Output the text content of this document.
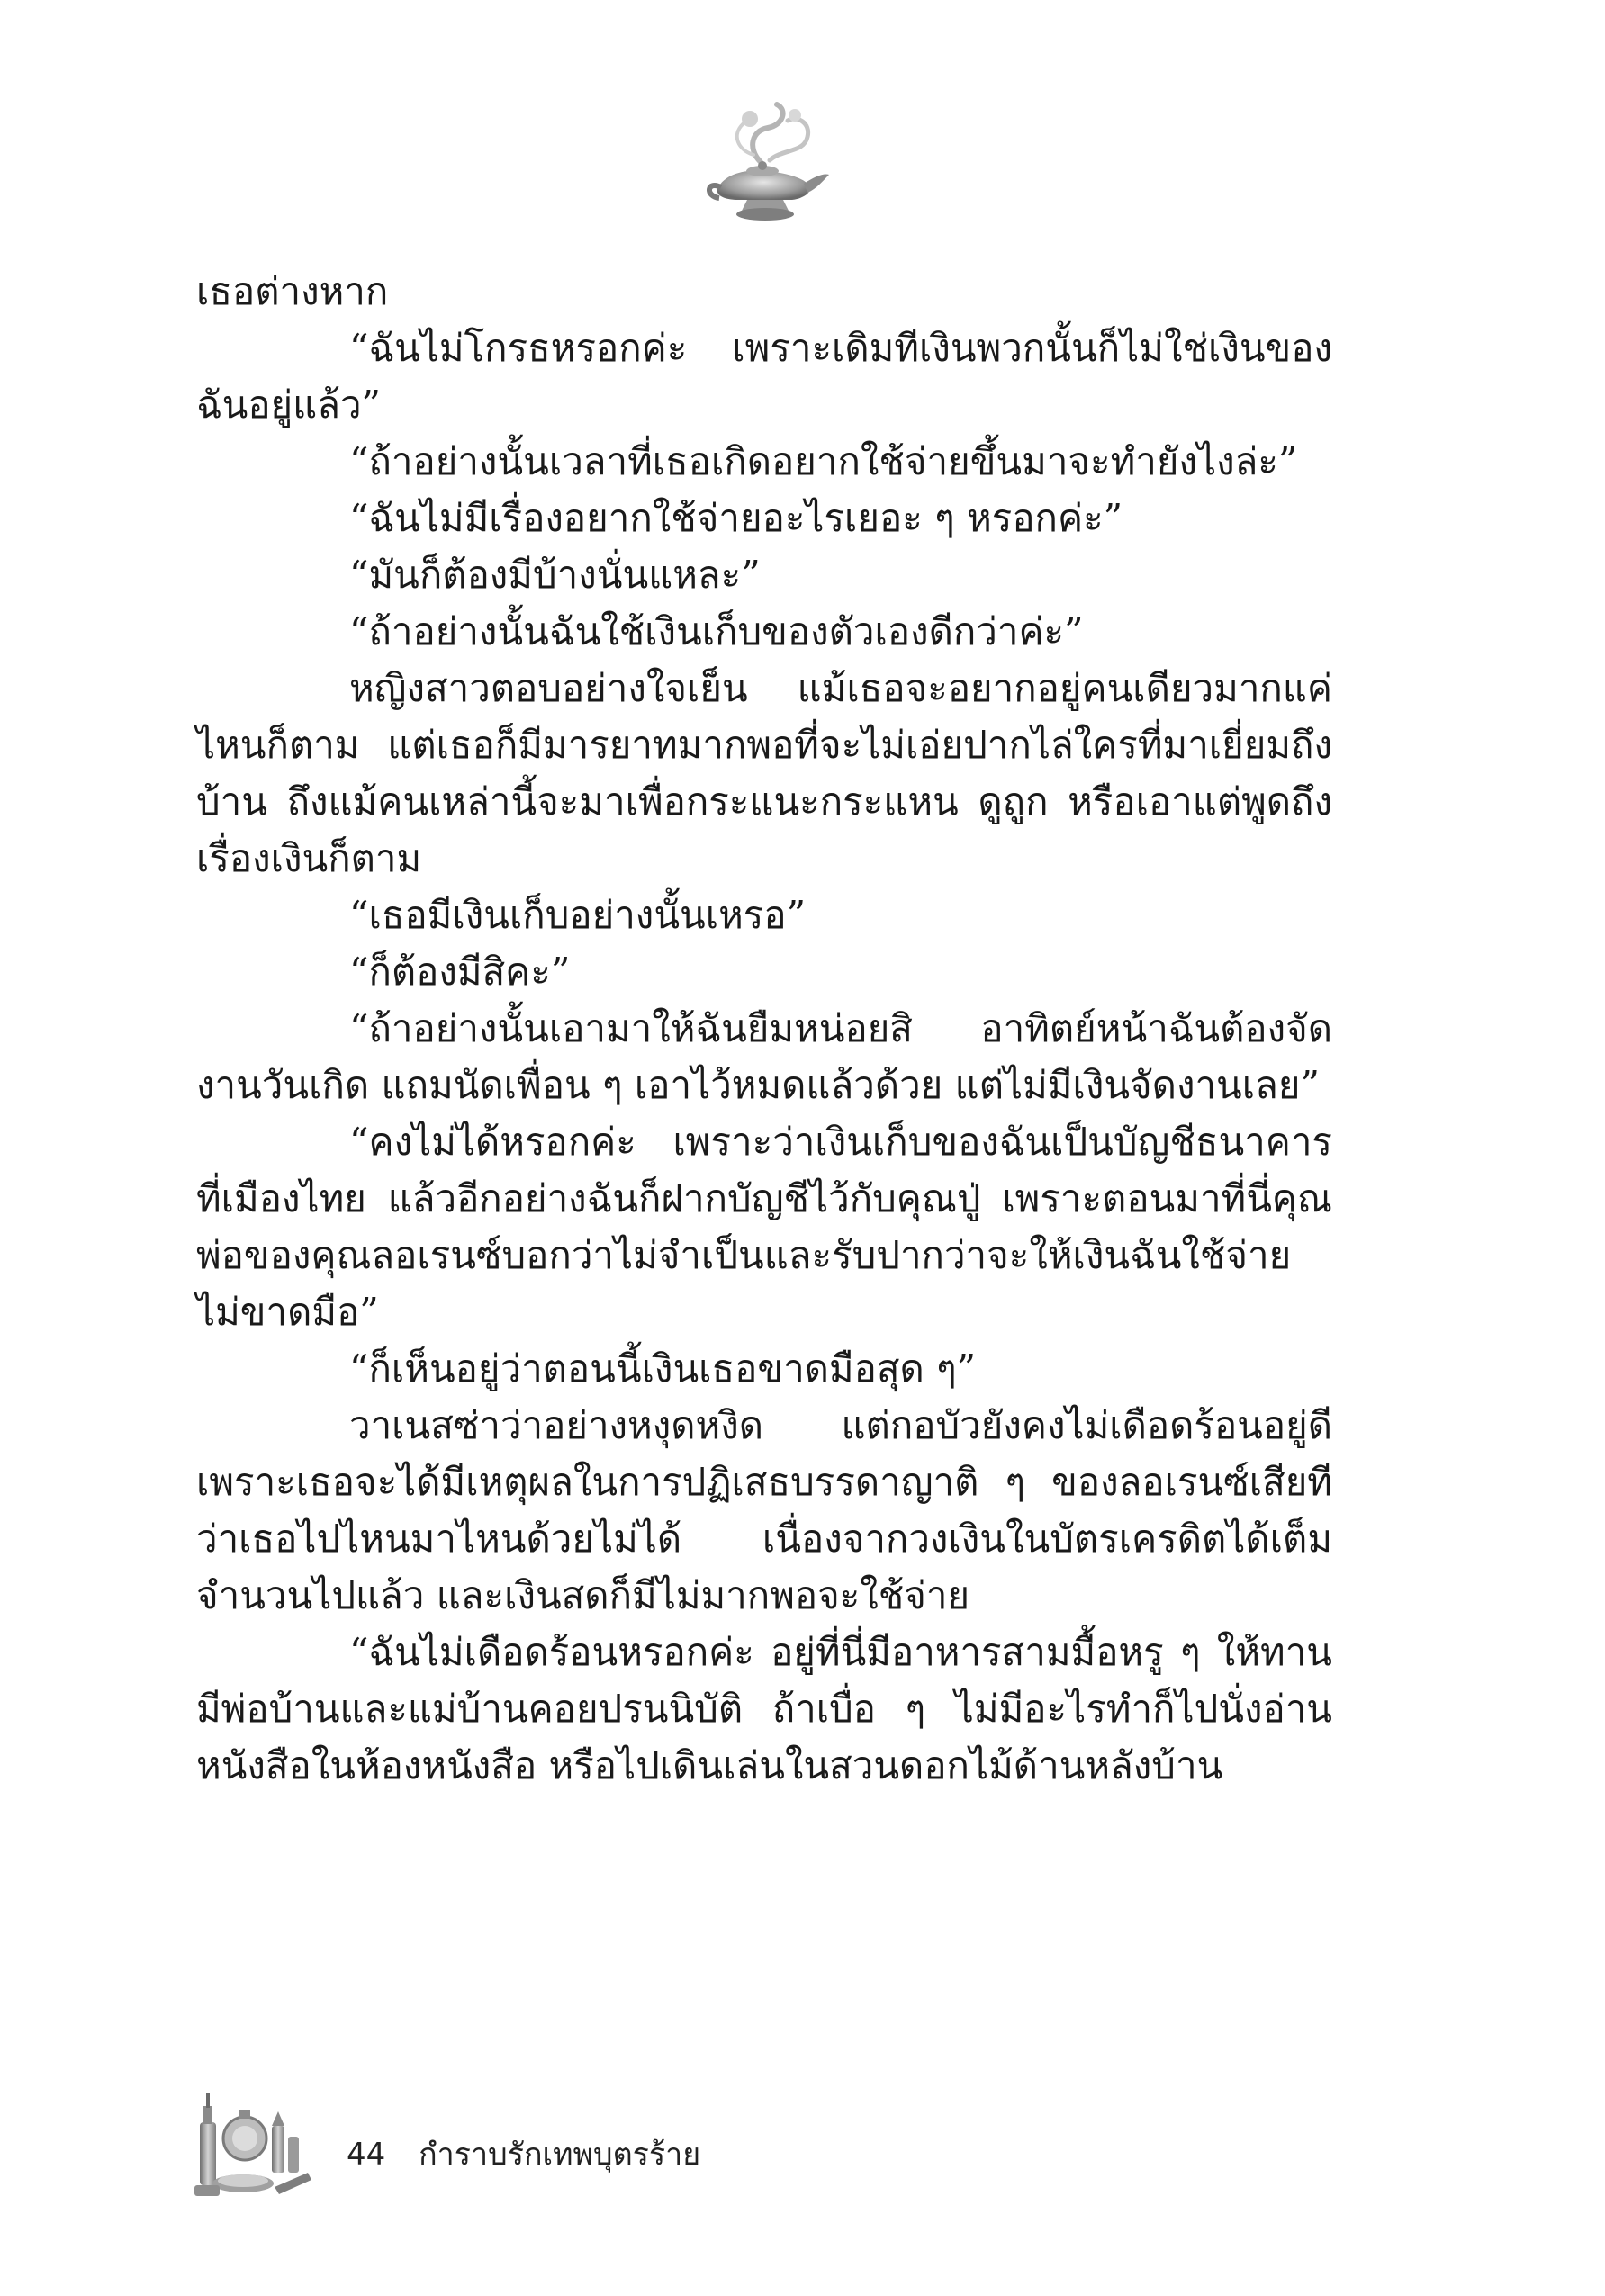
เธอต่างหาก

“ฉันไม่โกรธหรอกค่ะ เพราะเดิมทีเงินพวกนั้นก็ไม่ใช่เงินของฉันอยู่แล้ว”

“ถ้าอย่างนั้นเวลาที่เธอเกิดอยากใช้จ่ายขึ้นมาจะทำยังไงล่ะ”

“ฉันไม่มีเรื่องอยากใช้จ่ายอะไรเยอะ ๆ หรอกค่ะ”

“มันก็ต้องมีบ้างนั่นแหละ”

“ถ้าอย่างนั้นฉันใช้เงินเก็บของตัวเองดีกว่าค่ะ”

หญิงสาวตอบอย่างใจเย็น แม้เธอจะอยากอยู่คนเดียวมากแค่ไหนก็ตาม แต่เธอก็มีมารยาทมากพอที่จะไม่เอ่ยปากไล่ใครที่มาเยี่ยมถึงบ้าน ถึงแม้คนเหล่านี้จะมาเพื่อกระแนะกระแหน ดูถูก หรือเอาแต่พูดถึงเรื่องเงินก็ตาม

“เธอมีเงินเก็บอย่างนั้นเหรอ”

“ก็ต้องมีสิคะ”

“ถ้าอย่างนั้นเอามาให้ฉันยืมหน่อยสิ อาทิตย์หน้าฉันต้องจัดงานวันเกิด แถมนัดเพื่อน ๆ เอาไว้หมดแล้วด้วย แต่ไม่มีเงินจัดงานเลย”

“คงไม่ได้หรอกค่ะ เพราะว่าเงินเก็บของฉันเป็นบัญชีธนาคารที่เมืองไทย แล้วอีกอย่างฉันก็ฝากบัญชีไว้กับคุณปู่ เพราะตอนมาที่นี่คุณพ่อของคุณลอเรนซ์บอกว่าไม่จำเป็นและรับปากว่าจะให้เงินฉันใช้จ่ายไม่ขาดมือ”

“ก็เห็นอยู่ว่าตอนนี้เงินเธอขาดมือสุด ๆ”

วาเนสซ่าว่าอย่างหงุดหงิด แต่กอบัวยังคงไม่เดือดร้อนอยู่ดี เพราะเธอจะได้มีเหตุผลในการปฏิเสธบรรดาญาติ ๆ ของลอเรนซ์เสียทีว่าเธอไปไหนมาไหนด้วยไม่ได้ เนื่องจากวงเงินในบัตรเครดิตได้เต็มจำนวนไปแล้ว และเงินสดก็มีไม่มากพอจะใช้จ่าย

“ฉันไม่เดือดร้อนหรอกค่ะ อยู่ที่นี่มีอาหารสามมื้อหรู ๆ ให้ทาน มีพ่อบ้านและแม่บ้านคอยปรนนิบัติ ถ้าเบื่อ ๆ ไม่มีอะไรทำก็ไปนั่งอ่านหนังสือในห้องหนังสือ หรือไปเดินเล่นในสวนดอกไม้ด้านหลังบ้าน

44 กำราบรักเทพบุตรร้าย
